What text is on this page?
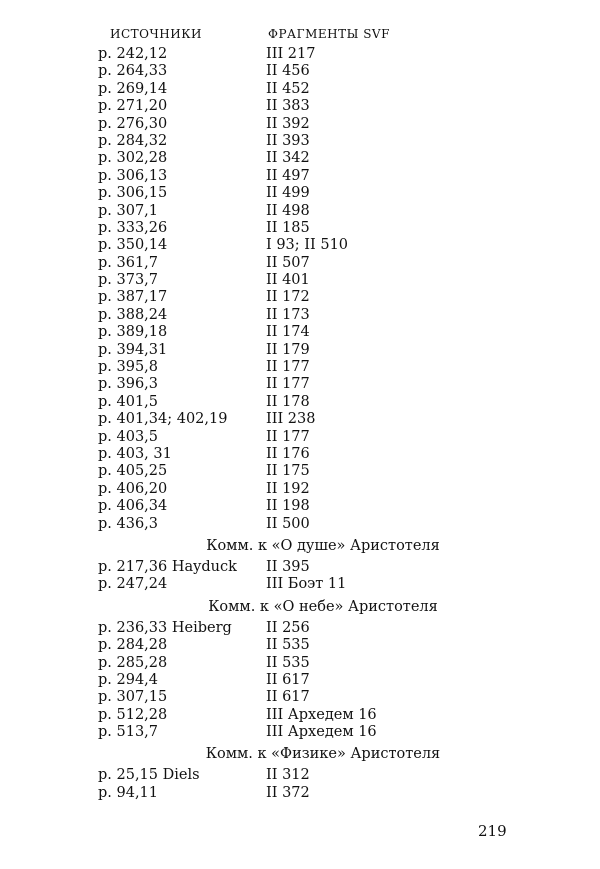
ИСТОЧНИКИ	ФРАГМЕНТЫ SVF
p. 242,12	III 217
p. 264,33	II 456
p. 269,14	II 452
p. 271,20	II 383
p. 276,30	II 392
p. 284,32	II 393
p. 302,28	II 342
p. 306,13	II 497
p. 306,15	II 499
p. 307,1	II 498
p. 333,26	II 185
p. 350,14	I 93; II 510
p. 361,7	II 507
p. 373,7	II 401
p. 387,17	II 172
p. 388,24	II 173
p. 389,18	II 174
p. 394,31	II 179
p. 395,8	II 177
p. 396,3	II 177
p. 401,5	II 178
p. 401,34; 402,19	III 238
p. 403,5	II 177
p. 403, 31	II 176
p. 405,25	II 175
p. 406,20	II 192
p. 406,34	II 198
p. 436,3	II 500
Комм. к «О душе» Аристотеля
p. 217,36 Hayduck	II 395
p. 247,24	III Боэт 11
Комм. к «О небе» Аристотеля
p. 236,33 Heiberg	II 256
p. 284,28	II 535
p. 285,28	II 535
p. 294,4	II 617
p. 307,15	II 617
p. 512,28	III Архедем 16
p. 513,7	III Архедем 16
Комм. к «Физике» Аристотеля
p. 25,15 Diels	II 312
p. 94,11	II 372
219
